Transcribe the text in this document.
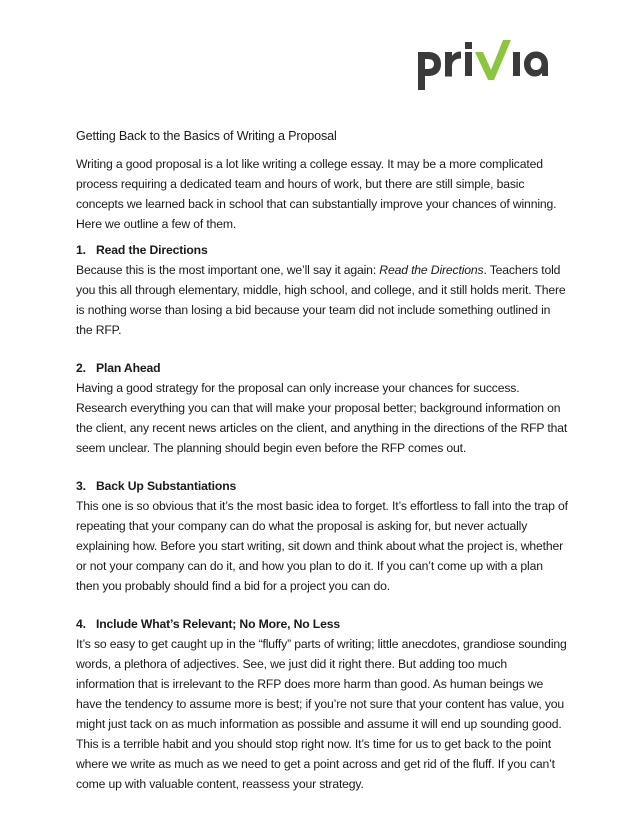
Getting Back to the Basics of Writing a Proposal

Writing a good proposal is a lot like writing a college essay. It may be a more complicated process requiring a dedicated team and hours of work, but there are still simple, basic concepts we learned back in school that can substantially improve your chances of winning. Here we outline a few of them.

1. Read the Directions

Because this is the most important one, we’ll say it again: Read the Directions. Teachers told you this all through elementary, middle, high school, and college, and it still holds merit. There is nothing worse than losing a bid because your team did not include something outlined in the RFP.

2. Plan Ahead

Having a good strategy for the proposal can only increase your chances for success. Research everything you can that will make your proposal better; background information on the client, any recent news articles on the client, and anything in the directions of the RFP that seem unclear. The planning should begin even before the RFP comes out.

3. Back Up Substantiations

This one is so obvious that it’s the most basic idea to forget. It’s effortless to fall into the trap of repeating that your company can do what the proposal is asking for, but never actually explaining how. Before you start writing, sit down and think about what the project is, whether or not your company can do it, and how you plan to do it. If you can’t come up with a plan then you probably should find a bid for a project you can do.

4. Include What’s Relevant; No More, No Less

It’s so easy to get caught up in the “fluffy” parts of writing; little anecdotes, grandiose sounding words, a plethora of adjectives. See, we just did it right there. But adding too much information that is irrelevant to the RFP does more harm than good. As human beings we have the tendency to assume more is best; if you’re not sure that your content has value, you might just tack on as much information as possible and assume it will end up sounding good. This is a terrible habit and you should stop right now. It’s time for us to get back to the point where we write as much as we need to get a point across and get rid of the fluff. If you can’t come up with valuable content, reassess your strategy.
